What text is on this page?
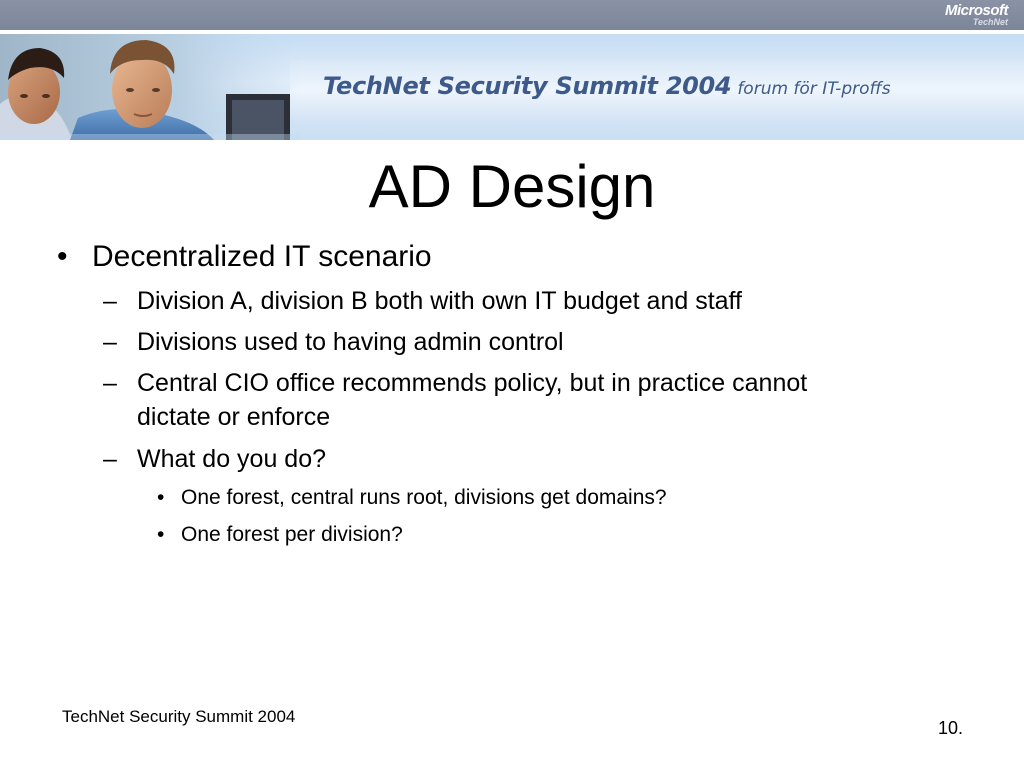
Microsoft
TechNet
TechNet Security Summit 2004 forum för IT-proffs
AD Design
• Decentralized IT scenario
– Division A, division B both with own IT budget and staff
– Divisions used to having admin control
– Central CIO office recommends policy, but in practice cannot
dictate or enforce
– What do you do?
• One forest, central runs root, divisions get domains?
• One forest per division?
TechNet Security Summit 2004
10.
